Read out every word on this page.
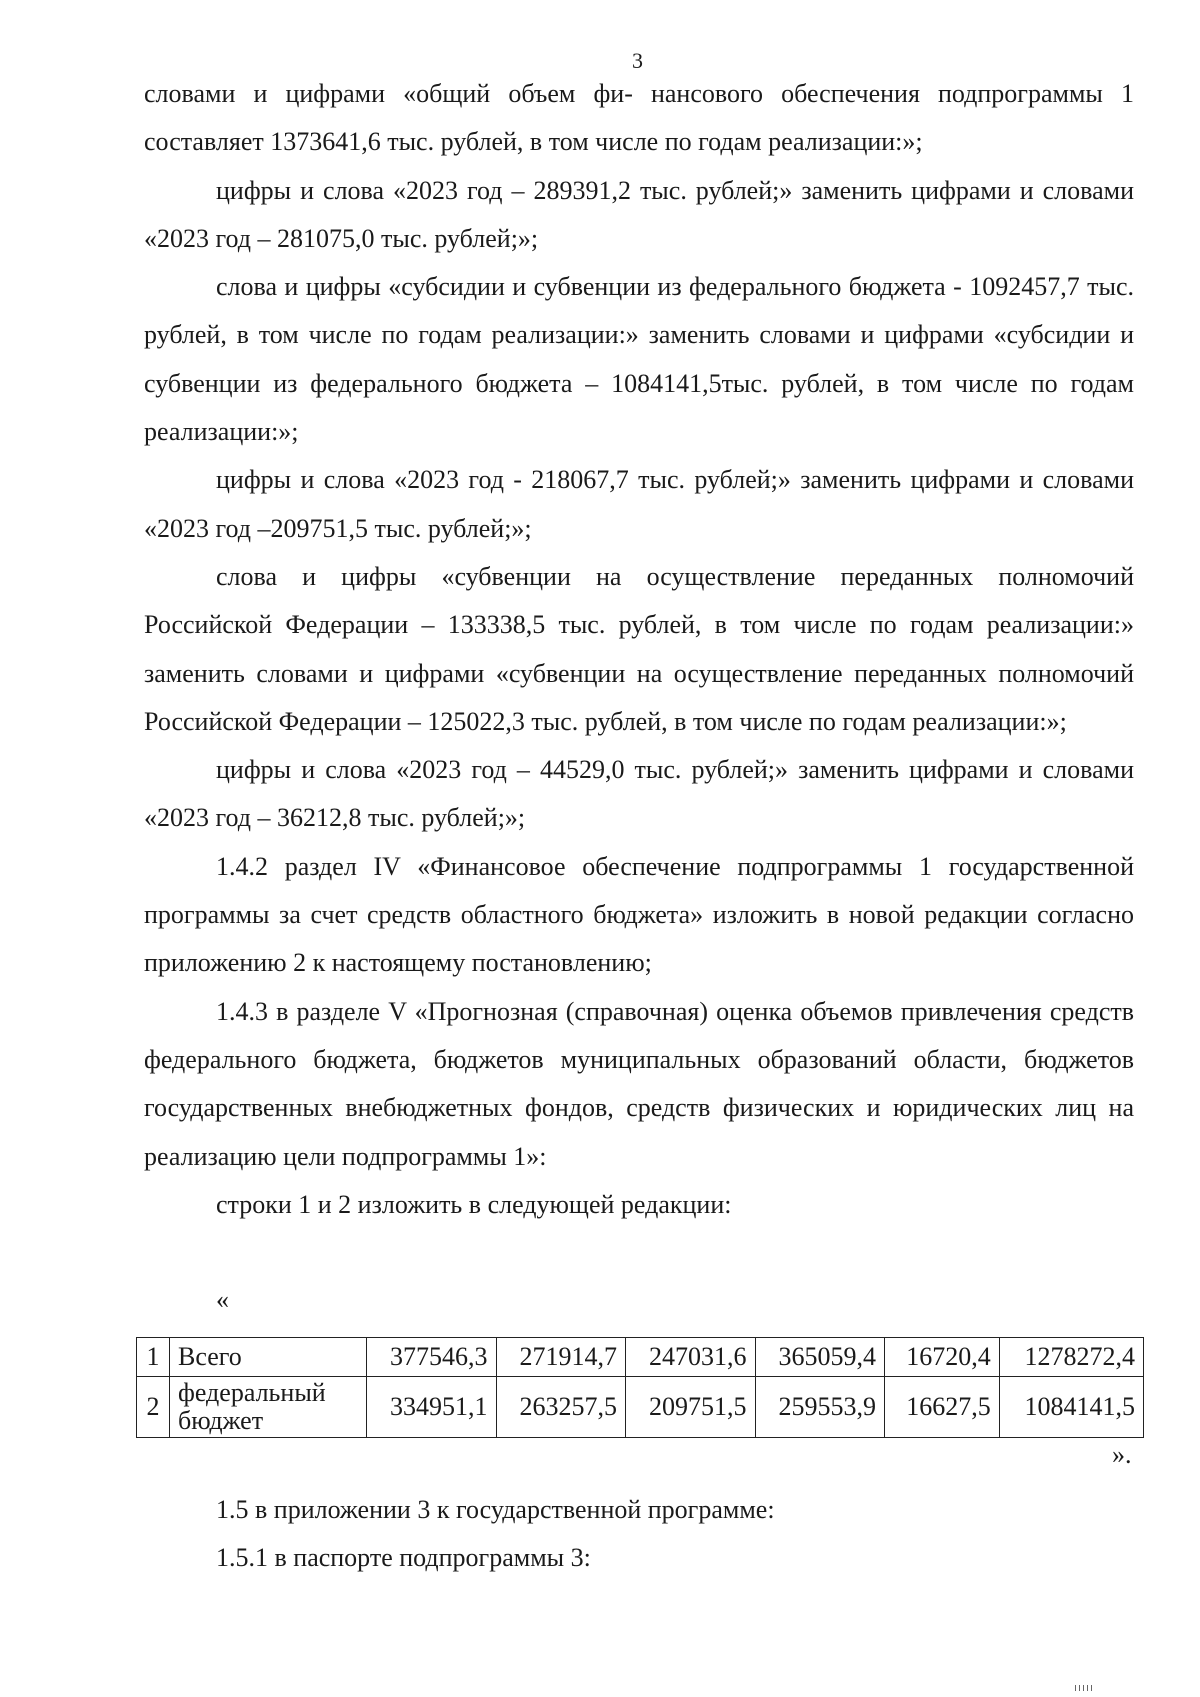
3

словами и цифрами «общий объем фи- нансового обеспечения подпрограммы 1 составляет 1373641,6 тыс. рублей, в том числе по годам реализации:»;

цифры и слова «2023 год – 289391,2 тыс. рублей;» заменить цифрами и словами «2023 год – 281075,0 тыс. рублей;»;

слова и цифры «субсидии и субвенции из федерального бюджета - 1092457,7 тыс. рублей, в том числе по годам реализации:» заменить словами и цифрами «субсидии и субвенции из федерального бюджета – 1084141,5тыс. рублей, в том числе по годам реализации:»;

цифры и слова «2023 год - 218067,7 тыс. рублей;» заменить цифрами и словами «2023 год –209751,5 тыс. рублей;»;

слова и цифры «субвенции на осуществление переданных полномочий Российской Федерации – 133338,5 тыс. рублей, в том числе по годам реализации:» заменить словами и цифрами «субвенции на осуществление переданных полномочий Российской Федерации – 125022,3 тыс. рублей, в том числе по годам реализации:»;

цифры и слова «2023 год – 44529,0 тыс. рублей;» заменить цифрами и словами «2023 год – 36212,8 тыс. рублей;»;

1.4.2 раздел IV «Финансовое обеспечение подпрограммы 1 государственной программы за счет средств областного бюджета» изложить в новой редакции согласно приложению 2 к настоящему постановлению;

1.4.3 в разделе V «Прогнозная (справочная) оценка объемов привлечения средств федерального бюджета, бюджетов муниципальных образований области, бюджетов государственных внебюджетных фондов, средств физических и юридических лиц на реализацию цели подпрограммы 1»:

строки 1 и 2 изложить в следующей редакции:

«
1	Всего	377546,3	271914,7	247031,6	365059,4	16720,4	1278272,4
2	федеральный бюджет	334951,1	263257,5	209751,5	259553,9	16627,5	1084141,5
».

1.5 в приложении 3 к государственной программе:

1.5.1 в паспорте подпрограммы 3:
